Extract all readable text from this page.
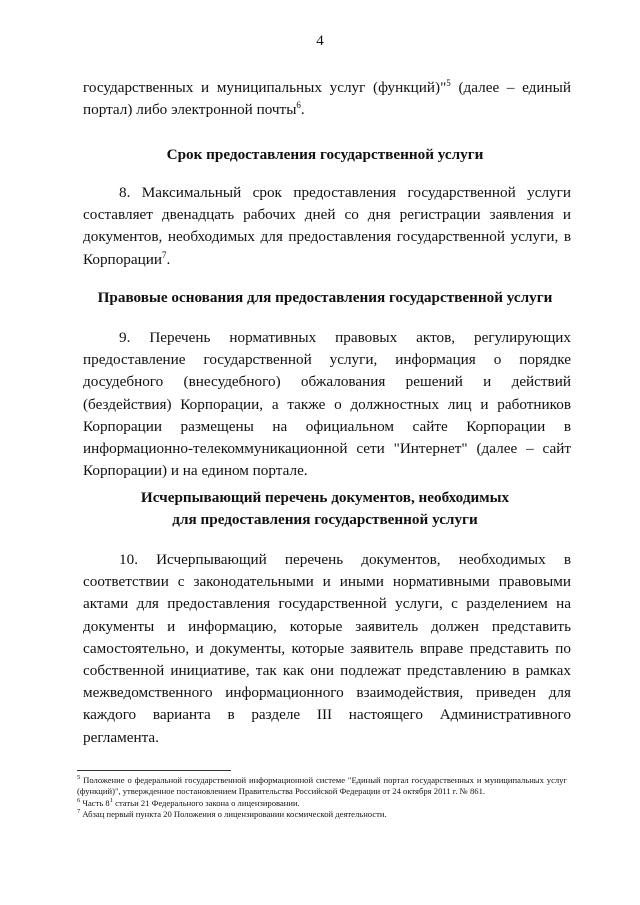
4

государственных и муниципальных услуг (функций)"$^5$ (далее – единый портал) либо электронной почты$^6$.

Срок предоставления государственной услуги

8. Максимальный срок предоставления государственной услуги составляет двенадцать рабочих дней со дня регистрации заявления и документов, необходимых для предоставления государственной услуги, в Корпорации$^7$.

Правовые основания для предоставления государственной услуги

9. Перечень нормативных правовых актов, регулирующих предоставление государственной услуги, информация о порядке досудебного (внесудебного) обжалования решений и действий (бездействия) Корпорации, а также о должностных лиц и работников Корпорации размещены на официальном сайте Корпорации в информационно-телекоммуникационной сети "Интернет" (далее – сайт Корпорации) и на едином портале.

Исчерпывающий перечень документов, необходимых
для предоставления государственной услуги

10. Исчерпывающий перечень документов, необходимых в соответствии с законодательными и иными нормативными правовыми актами для предоставления государственной услуги, с разделением на документы и информацию, которые заявитель должен представить самостоятельно, и документы, которые заявитель вправе представить по собственной инициативе, так как они подлежат представлению в рамках межведомственного информационного взаимодействия, приведен для каждого варианта в разделе III настоящего Административного регламента.

$^5$ Положение о федеральной государственной информационной системе "Единый портал государственных и муниципальных услуг (функций)", утвержденное постановлением Правительства Российской Федерации от 24 октября 2011 г. № 861.

$^6$ Часть $8^1$ статьи 21 Федерального закона о лицензировании.

$^7$ Абзац первый пункта 20 Положения о лицензировании космической деятельности.
